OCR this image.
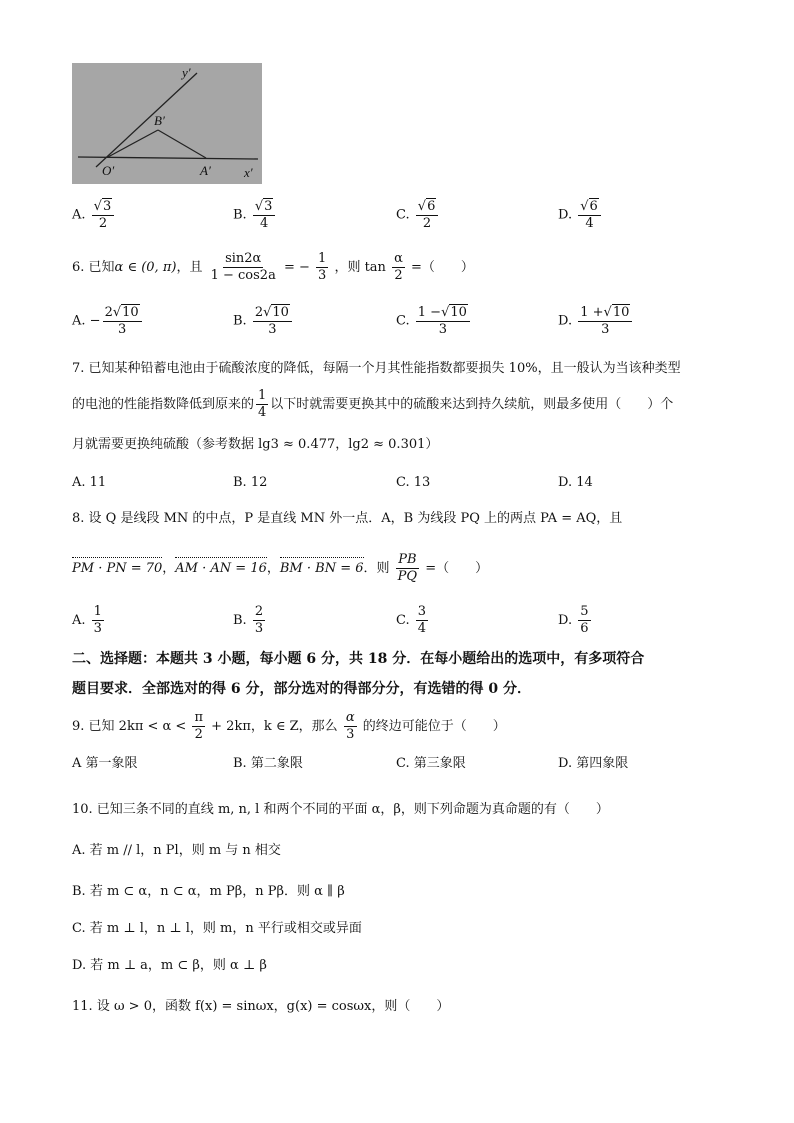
y′
x′
B′
O′	A′
A. $\frac{√ 3}{2}$	B. $\frac{√ 3}{4}$	C. $\frac{√ 6}{2}$	D. $\frac{√ 6}{4}$
6. 已知α ∈ (0, π)，且 $\frac{\sin 2\alpha}{1 - \cos 2a}$ = − $\frac{1}{3}$ ，则 $\tan \frac{\alpha}{2}$ =（　　）
A. − $\frac{2 √ 10}{3}$	B. $\frac{2 √ 10}{3}$	C. $\frac{1 - √ 10}{3}$	D. $\frac{1 + √ 10}{3}$
7. 已知某种铅蓄电池由于硫酸浓度的降低，每隔一个月其性能指数都要损失 10%，且一般认为当该种类型
的电池的性能指数降低到原来的 $\frac{1}{4}$ 以下时就需要更换其中的硫酸来达到持久续航，则最多使用（　　）个
月就需要更换纯硫酸（参考数据 lg3 ≈ 0.477，lg2 ≈ 0.301）
A. 11	B. 12	C. 13	D. 14
8. 设 Q 是线段 MN 的中点，P 是直线 MN 外一点．A，B 为线段 PQ 上的两点 PA = AQ，且
PM · PN = 70，AM · AN = 16，BM · BN = 6．则 $\frac{PB}{PQ}$ =（　　）
A. $\frac{1}{3}$	B. $\frac{2}{3}$	C. $\frac{3}{4}$	D. $\frac{5}{6}$
二、选择题：本题共 3 小题，每小题 6 分，共 18 分．在每小题给出的选项中，有多项符合
题目要求．全部选对的得 6 分，部分选对的得部分分，有选错的得 0 分．
9. 已知 $2k\pi < \alpha < \frac{\pi}{2} + 2k\pi$，k ∈ Z，那么 $\frac{\alpha}{3}$ 的终边可能位于（　　）
A 第一象限	B. 第二象限	C. 第三象限	D. 第四象限
10. 已知三条不同的直线 m, n, l 和两个不同的平面 α，β，则下列命题为真命题的有（　　）
A. 若 m // l，n Pl，则 m 与 n 相交
B. 若 m ⊂ α，n ⊂ α，m Pβ，n Pβ．则 α ∥ β
C. 若 m ⊥ l，n ⊥ l，则 m，n 平行或相交或异面
D. 若 m ⊥ a，m ⊂ β，则 α ⊥ β
11. 设 ω > 0，函数 f(x) = sinωx，g(x) = cosωx，则（　　）
